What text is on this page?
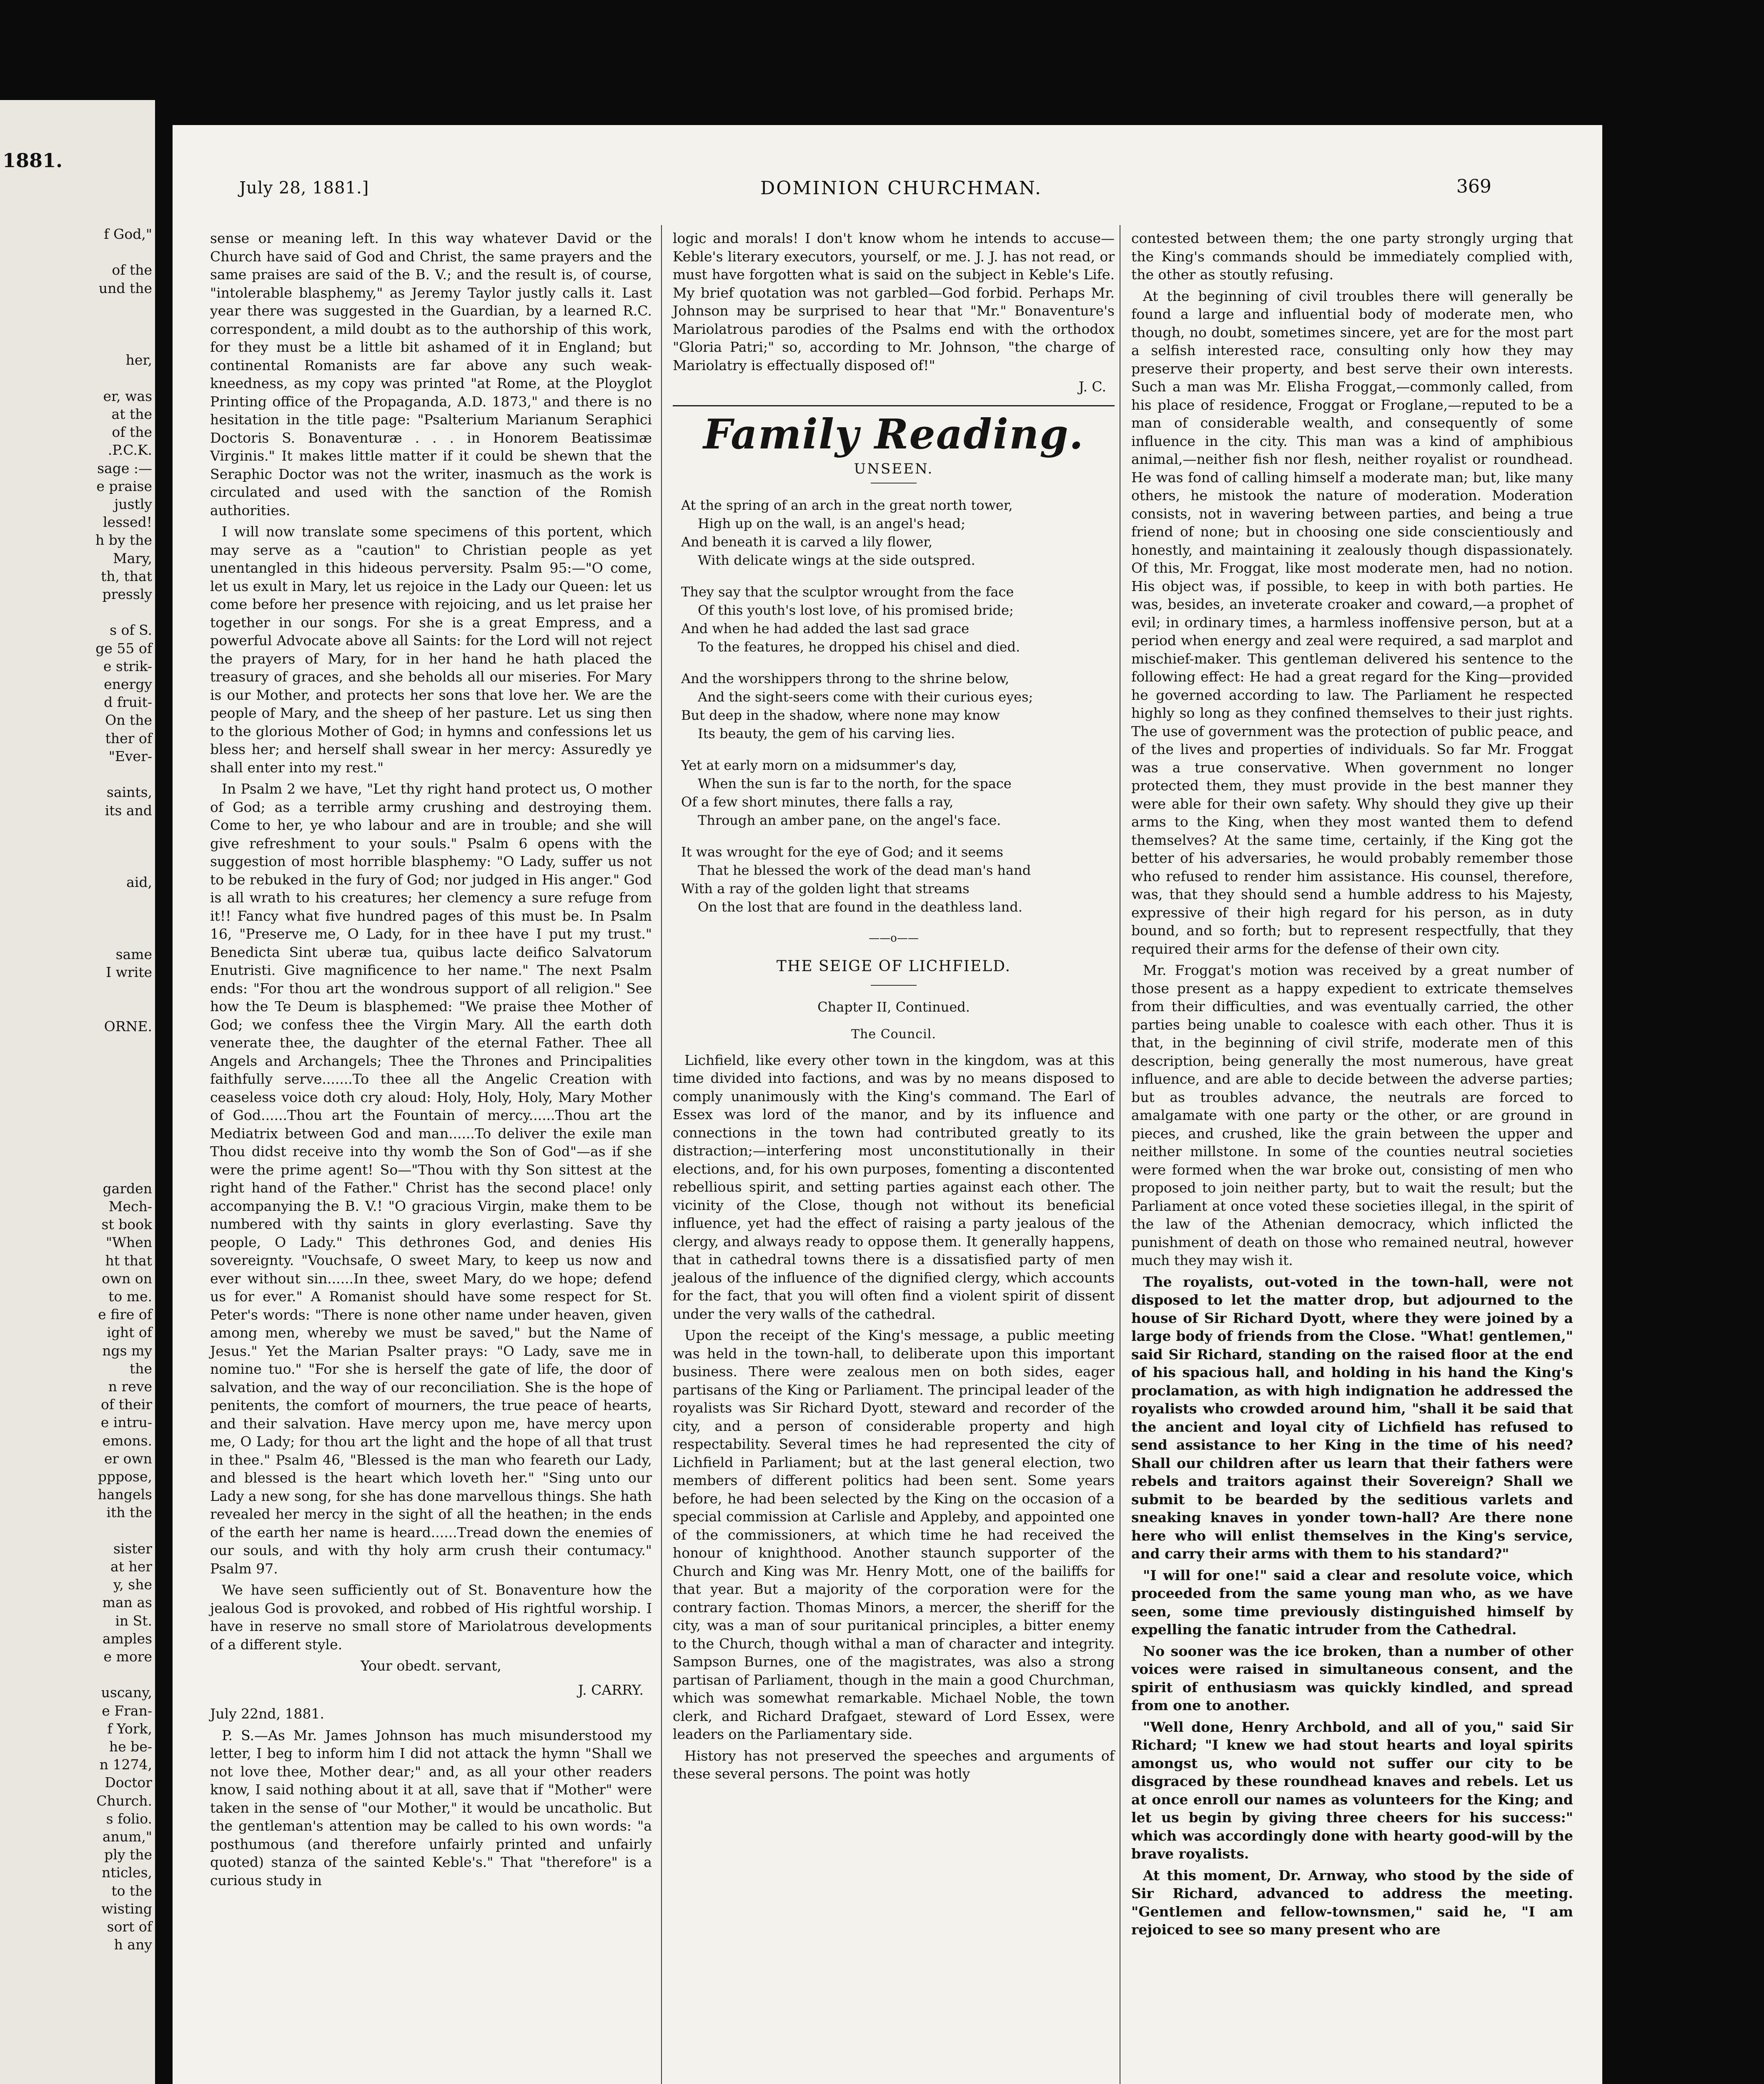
1881.
f God,"

of the
und the

her,

er, was
at the
of the
.P.C.K.
sage :—
e praise
justly
lessed!
h by the
Mary,
th, that
pressly

s of S.
ge 55 of
e strik-
energy
d fruit-
On the
ther of
"Ever-

saints,
its and

aid,

same
I write

ORNE.

garden
Mech-
st book
"When
ht that
own on
to me.
e fire of
ight of
ngs my
the
n reve
of their
e intru-
emons.
er own
pppose,
hangels
ith the

sister
at her
y, she
man as
in St.
amples
e more

uscany,
e Fran-
f York,
he be-
n 1274,
Doctor
Church.
s folio.
anum,"
ply the
nticles,
to the
wisting
sort of
h any
July 28, 1881.]	DOMINION CHURCHMAN.	369

sense or meaning left. In this way whatever David or the Church have said of God and Christ, the same prayers and the same praises are said of the B. V.; and the result is, of course, "intolerable blasphemy," as Jeremy Taylor justly calls it. Last year there was suggested in the Guardian, by a learned R.C. correspondent, a mild doubt as to the authorship of this work, for they must be a little bit ashamed of it in England; but continental Romanists are far above any such weak-kneedness, as my copy was printed "at Rome, at the Ployglot Printing office of the Propaganda, A.D. 1873," and there is no hesitation in the title page: "Psalterium Marianum Seraphici Doctoris S. Bonaventuræ . . . in Honorem Beatissimæ Virginis." It makes little matter if it could be shewn that the Seraphic Doctor was not the writer, inasmuch as the work is circulated and used with the sanction of the Romish authorities.

I will now translate some specimens of this portent, which may serve as a "caution" to Christian people as yet unentangled in this hideous perversity. Psalm 95:—"O come, let us exult in Mary, let us rejoice in the Lady our Queen: let us come before her presence with rejoicing, and us let praise her together in our songs. For she is a great Empress, and a powerful Advocate above all Saints: for the Lord will not reject the prayers of Mary, for in her hand he hath placed the treasury of graces, and she beholds all our miseries. For Mary is our Mother, and protects her sons that love her. We are the people of Mary, and the sheep of her pasture. Let us sing then to the glorious Mother of God; in hymns and confessions let us bless her; and herself shall swear in her mercy: Assuredly ye shall enter into my rest."

In Psalm 2 we have, "Let thy right hand protect us, O mother of God; as a terrible army crushing and destroying them. Come to her, ye who labour and are in trouble; and she will give refreshment to your souls." Psalm 6 opens with the suggestion of most horrible blasphemy: "O Lady, suffer us not to be rebuked in the fury of God; nor judged in His anger." God is all wrath to his creatures; her clemency a sure refuge from it!! Fancy what five hundred pages of this must be. In Psalm 16, "Preserve me, O Lady, for in thee have I put my trust." Benedicta Sint uberæ tua, quibus lacte deifico Salvatorum Enutristi. Give magnificence to her name." The next Psalm ends: "For thou art the wondrous support of all religion." See how the Te Deum is blasphemed: "We praise thee Mother of God; we confess thee the Virgin Mary. All the earth doth venerate thee, the daughter of the eternal Father. Thee all Angels and Archangels; Thee the Thrones and Principalities faithfully serve.......To thee all the Angelic Creation with ceaseless voice doth cry aloud: Holy, Holy, Holy, Mary Mother of God......Thou art the Fountain of mercy......Thou art the Mediatrix between God and man......To deliver the exile man Thou didst receive into thy womb the Son of God"—as if she were the prime agent! So—"Thou with thy Son sittest at the right hand of the Father." Christ has the second place! only accompanying the B. V.! "O gracious Virgin, make them to be numbered with thy saints in glory everlasting. Save thy people, O Lady." This dethrones God, and denies His sovereignty. "Vouchsafe, O sweet Mary, to keep us now and ever without sin......In thee, sweet Mary, do we hope; defend us for ever." A Romanist should have some respect for St. Peter's words: "There is none other name under heaven, given among men, whereby we must be saved," but the Name of Jesus." Yet the Marian Psalter prays: "O Lady, save me in nomine tuo." "For she is herself the gate of life, the door of salvation, and the way of our reconciliation. She is the hope of penitents, the comfort of mourners, the true peace of hearts, and their salvation. Have mercy upon me, have mercy upon me, O Lady; for thou art the light and the hope of all that trust in thee." Psalm 46, "Blessed is the man who feareth our Lady, and blessed is the heart which loveth her." "Sing unto our Lady a new song, for she has done marvellous things. She hath revealed her mercy in the sight of all the heathen; in the ends of the earth her name is heard......Tread down the enemies of our souls, and with thy holy arm crush their contumacy." Psalm 97.

We have seen sufficiently out of St. Bonaventure how the jealous God is provoked, and robbed of His rightful worship. I have in reserve no small store of Mariolatrous developments of a different style.

Your obedt. servant,
J. CARRY.

July 22nd, 1881.

P. S.—As Mr. James Johnson has much misunderstood my letter, I beg to inform him I did not attack the hymn "Shall we not love thee, Mother dear;" and, as all your other readers know, I said nothing about it at all, save that if "Mother" were taken in the sense of "our Mother," it would be uncatholic. But the gentleman's attention may be called to his own words: "a posthumous (and therefore unfairly printed and unfairly quoted) stanza of the sainted Keble's." That "therefore" is a curious study in

logic and morals! I don't know whom he intends to accuse—Keble's literary executors, yourself, or me. J. J. has not read, or must have forgotten what is said on the subject in Keble's Life. My brief quotation was not garbled—God forbid. Perhaps Mr. Johnson may be surprised to hear that "Mr." Bonaventure's Mariolatrous parodies of the Psalms end with the orthodox "Gloria Patri;" so, according to Mr. Johnson, "the charge of Mariolatry is effectually disposed of!"

J. C.
Family Reading.
UNSEEN.
At the spring of an arch in the great north tower,
High up on the wall, is an angel's head;
And beneath it is carved a lily flower,
With delicate wings at the side outspred.
They say that the sculptor wrought from the face
Of this youth's lost love, of his promised bride;
And when he had added the last sad grace
To the features, he dropped his chisel and died.
And the worshippers throng to the shrine below,
And the sight-seers come with their curious eyes;
But deep in the shadow, where none may know
Its beauty, the gem of his carving lies.
Yet at early morn on a midsummer's day,
When the sun is far to the north, for the space
Of a few short minutes, there falls a ray,
Through an amber pane, on the angel's face.
It was wrought for the eye of God; and it seems
That he blessed the work of the dead man's hand
With a ray of the golden light that streams
On the lost that are found in the deathless land.
——o——
THE SEIGE OF LICHFIELD.
Chapter II, Continued.
The Council.

Lichfield, like every other town in the kingdom, was at this time divided into factions, and was by no means disposed to comply unanimously with the King's command. The Earl of Essex was lord of the manor, and by its influence and connections in the town had contributed greatly to its distraction;—interfering most unconstitutionally in their elections, and, for his own purposes, fomenting a discontented rebellious spirit, and setting parties against each other. The vicinity of the Close, though not without its beneficial influence, yet had the effect of raising a party jealous of the clergy, and always ready to oppose them. It generally happens, that in cathedral towns there is a dissatisfied party of men jealous of the influence of the dignified clergy, which accounts for the fact, that you will often find a violent spirit of dissent under the very walls of the cathedral.

Upon the receipt of the King's message, a public meeting was held in the town-hall, to deliberate upon this important business. There were zealous men on both sides, eager partisans of the King or Parliament. The principal leader of the royalists was Sir Richard Dyott, steward and recorder of the city, and a person of considerable property and high respectability. Several times he had represented the city of Lichfield in Parliament; but at the last general election, two members of different politics had been sent. Some years before, he had been selected by the King on the occasion of a special commission at Carlisle and Appleby, and appointed one of the commissioners, at which time he had received the honour of knighthood. Another staunch supporter of the Church and King was Mr. Henry Mott, one of the bailiffs for that year. But a majority of the corporation were for the contrary faction. Thomas Minors, a mercer, the sheriff for the city, was a man of sour puritanical principles, a bitter enemy to the Church, though withal a man of character and integrity. Sampson Burnes, one of the magistrates, was also a strong partisan of Parliament, though in the main a good Churchman, which was somewhat remarkable. Michael Noble, the town clerk, and Richard Drafgaet, steward of Lord Essex, were leaders on the Parliamentary side.

History has not preserved the speeches and arguments of these several persons. The point was hotly

contested between them; the one party strongly urging that the King's commands should be immediately complied with, the other as stoutly refusing.

At the beginning of civil troubles there will generally be found a large and influential body of moderate men, who though, no doubt, sometimes sincere, yet are for the most part a selfish interested race, consulting only how they may preserve their property, and best serve their own interests. Such a man was Mr. Elisha Froggat,—commonly called, from his place of residence, Froggat or Froglane,—reputed to be a man of considerable wealth, and consequently of some influence in the city. This man was a kind of amphibious animal,—neither fish nor flesh, neither royalist or roundhead. He was fond of calling himself a moderate man; but, like many others, he mistook the nature of moderation. Moderation consists, not in wavering between parties, and being a true friend of none; but in choosing one side conscientiously and honestly, and maintaining it zealously though dispassionately. Of this, Mr. Froggat, like most moderate men, had no notion. His object was, if possible, to keep in with both parties. He was, besides, an inveterate croaker and coward,—a prophet of evil; in ordinary times, a harmless inoffensive person, but at a period when energy and zeal were required, a sad marplot and mischief-maker. This gentleman delivered his sentence to the following effect: He had a great regard for the King—provided he governed according to law. The Parliament he respected highly so long as they confined themselves to their just rights. The use of government was the protection of public peace, and of the lives and properties of individuals. So far Mr. Froggat was a true conservative. When government no longer protected them, they must provide in the best manner they were able for their own safety. Why should they give up their arms to the King, when they most wanted them to defend themselves? At the same time, certainly, if the King got the better of his adversaries, he would probably remember those who refused to render him assistance. His counsel, therefore, was, that they should send a humble address to his Majesty, expressive of their high regard for his person, as in duty bound, and so forth; but to represent respectfully, that they required their arms for the defense of their own city.

Mr. Froggat's motion was received by a great number of those present as a happy expedient to extricate themselves from their difficulties, and was eventually carried, the other parties being unable to coalesce with each other. Thus it is that, in the beginning of civil strife, moderate men of this description, being generally the most numerous, have great influence, and are able to decide between the adverse parties; but as troubles advance, the neutrals are forced to amalgamate with one party or the other, or are ground in pieces, and crushed, like the grain between the upper and neither millstone. In some of the counties neutral societies were formed when the war broke out, consisting of men who proposed to join neither party, but to wait the result; but the Parliament at once voted these societies illegal, in the spirit of the law of the Athenian democracy, which inflicted the punishment of death on those who remained neutral, however much they may wish it.

The royalists, out-voted in the town-hall, were not disposed to let the matter drop, but adjourned to the house of Sir Richard Dyott, where they were joined by a large body of friends from the Close. "What! gentlemen," said Sir Richard, standing on the raised floor at the end of his spacious hall, and holding in his hand the King's proclamation, as with high indignation he addressed the royalists who crowded around him, "shall it be said that the ancient and loyal city of Lichfield has refused to send assistance to her King in the time of his need? Shall our children after us learn that their fathers were rebels and traitors against their Sovereign? Shall we submit to be bearded by the seditious varlets and sneaking knaves in yonder town-hall? Are there none here who will enlist themselves in the King's service, and carry their arms with them to his standard?"

"I will for one!" said a clear and resolute voice, which proceeded from the same young man who, as we have seen, some time previously distinguished himself by expelling the fanatic intruder from the Cathedral.

No sooner was the ice broken, than a number of other voices were raised in simultaneous consent, and the spirit of enthusiasm was quickly kindled, and spread from one to another.

"Well done, Henry Archbold, and all of you," said Sir Richard; "I knew we had stout hearts and loyal spirits amongst us, who would not suffer our city to be disgraced by these roundhead knaves and rebels. Let us at once enroll our names as volunteers for the King; and let us begin by giving three cheers for his success:" which was accordingly done with hearty good-will by the brave royalists.

At this moment, Dr. Arnway, who stood by the side of Sir Richard, advanced to address the meeting. "Gentlemen and fellow-townsmen," said he, "I am rejoiced to see so many present who are
